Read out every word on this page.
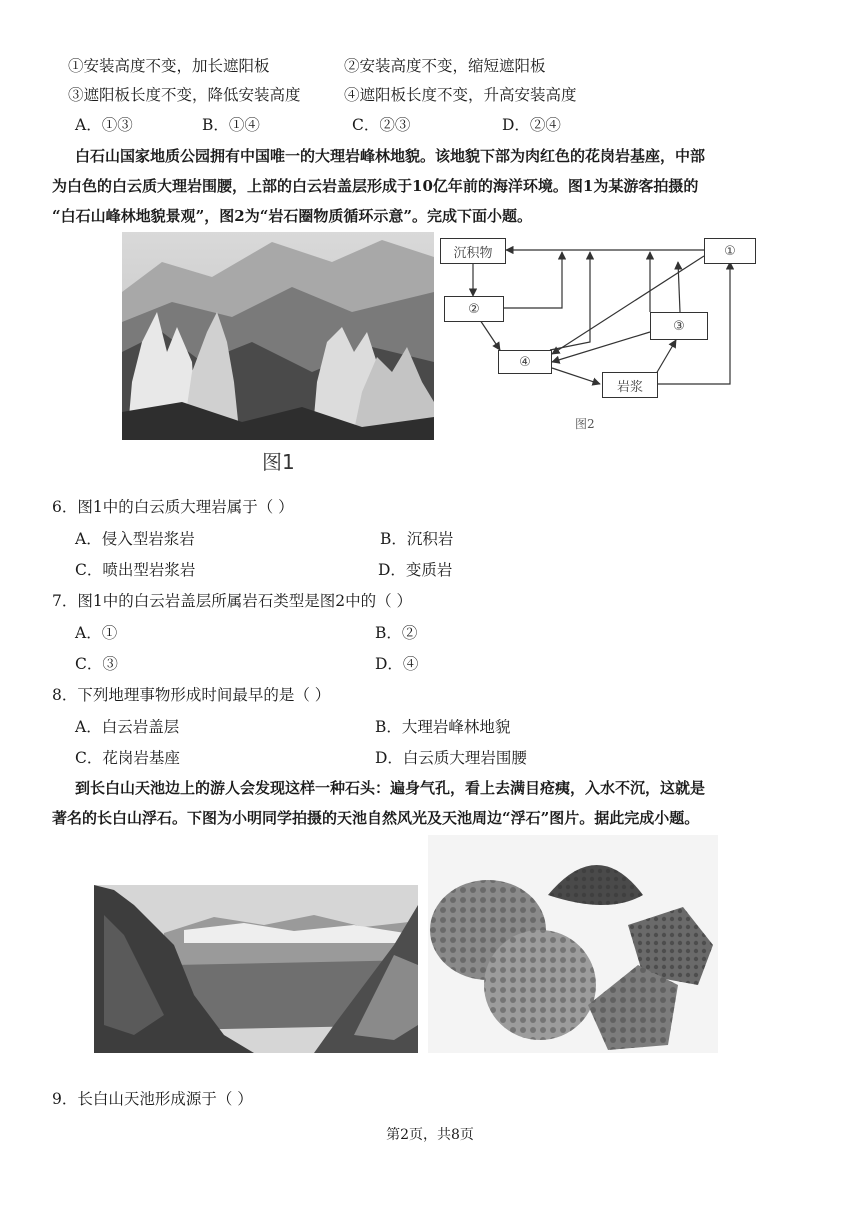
①安装高度不变，加长遮阳板	②安装高度不变，缩短遮阳板
③遮阳板长度不变，降低安装高度	④遮阳板长度不变，升高安装高度
A．①③	B．①④	C．②③	D．②④
白石山国家地质公园拥有中国唯一的大理岩峰林地貌。该地貌下部为肉红色的花岗岩基座，中部
为白色的白云质大理岩围腰，上部的白云岩盖层形成于10亿年前的海洋环境。图1为某游客拍摄的
“白石山峰林地貌景观”，图2为“岩石圈物质循环示意”。完成下面小题。
图1
沉积物	①
②
③
④
岩浆
图2
6．图1中的白云质大理岩属于（ ）
A．侵入型岩浆岩	B．沉积岩
C．喷出型岩浆岩	D．变质岩
7．图1中的白云岩盖层所属岩石类型是图2中的（ ）
A．①	B．②
C．③	D．④
8．下列地理事物形成时间最早的是（ ）
A．白云岩盖层	B．大理岩峰林地貌
C．花岗岩基座	D．白云质大理岩围腰
到长白山天池边上的游人会发现这样一种石头：遍身气孔，看上去满目疮痍，入水不沉，这就是
著名的长白山浮石。下图为小明同学拍摄的天池自然风光及天池周边“浮石”图片。据此完成小题。
9．长白山天池形成源于（ ）
第2页，共8页
